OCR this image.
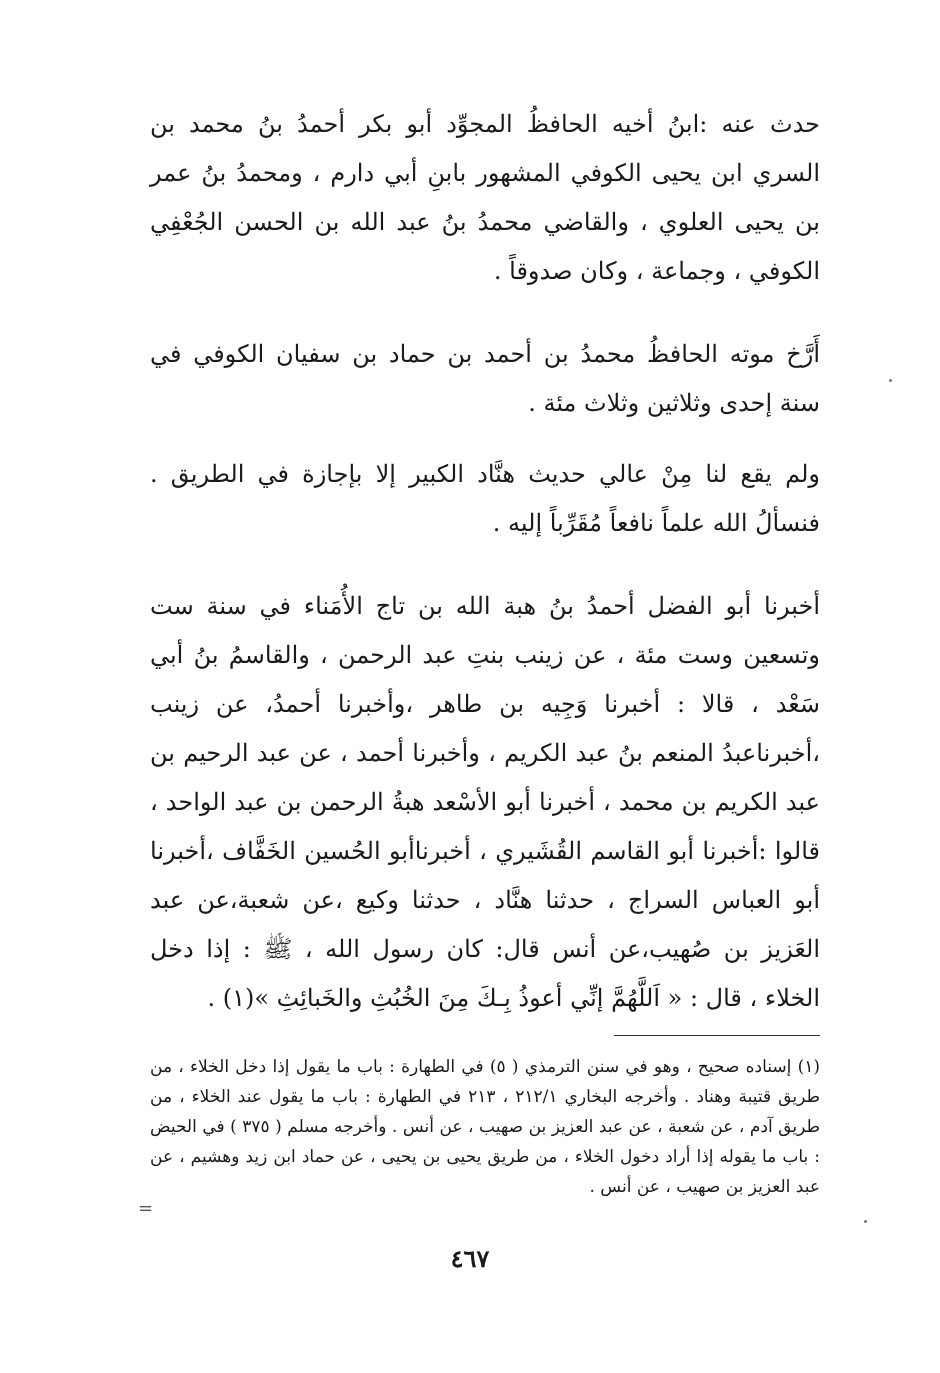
حدث عنه :ابنُ أخيه الحافظُ المجوِّد أبو بكر أحمدُ بنُ محمد بن السري ابن يحيى الكوفي المشهور بابنِ أبي دارم ، ومحمدُ بنُ عمر بن يحيى العلوي ، والقاضي محمدُ بنُ عبد الله بن الحسن الجُعْفِي الكوفي ، وجماعة ، وكان صدوقاً .

أَرَّخ موته الحافظُ محمدُ بن أحمد بن حماد بن سفيان الكوفي في سنة إحدى وثلاثين وثلاث مئة .

ولم يقع لنا مِنْ عالي حديث هنَّاد الكبير إلا بإجازة في الطريق . فنسألُ الله علماً نافعاً مُقَرِّباً إليه .

أخبرنا أبو الفضل أحمدُ بنُ هبة الله بن تاج الأُمَناء في سنة ست وتسعين وست مئة ، عن زينب بنتِ عبد الرحمن ، والقاسمُ بنُ أبي سَعْد ، قالا : أخبرنا وَجِيه بن طاهر ،وأخبرنا أحمدُ، عن زينب ،أخبرناعبدُ المنعم بنُ عبد الكريم ، وأخبرنا أحمد ، عن عبد الرحيم بن عبد الكريم بن محمد ، أخبرنا أبو الأسْعد هبةُ الرحمن بن عبد الواحد ، قالوا :أخبرنا أبو القاسم القُشَيري ، أخبرناأبو الحُسين الخَفَّاف ،أخبرنا أبو العباس السراج ، حدثنا هنَّاد ، حدثنا وكيع ،عن شعبة،عن عبد العَزيز بن صُهيب،عن أنس قال: كان رسول الله ، ﷺ : إذا دخل الخلاء ، قال : « اَللَّهُمَّ إنِّي أعوذُ بِـكَ مِنَ الخُبُثِ والخَبائِثِ »(١) .

(١) إسناده صحيح ، وهو في سنن الترمذي ( ٥) في الطهارة : باب ما يقول إذا دخل الخلاء ، من طريق قتيبة وهناد . وأخرجه البخاري ٢١٢/١ ، ٢١٣ في الطهارة : باب ما يقول عند الخلاء ، من طريق آدم ، عن شعبة ، عن عبد العزيز بن صهيب ، عن أنس . وأخرجه مسلم ( ٣٧٥ ) في الحيض : باب ما يقوله إذا أراد دخول الخلاء ، من طريق يحيى بن يحيى ، عن حماد ابن زيد وهشيم ، عن عبد العزيز بن صهيب ، عن أنس .

=
٤٦٧
